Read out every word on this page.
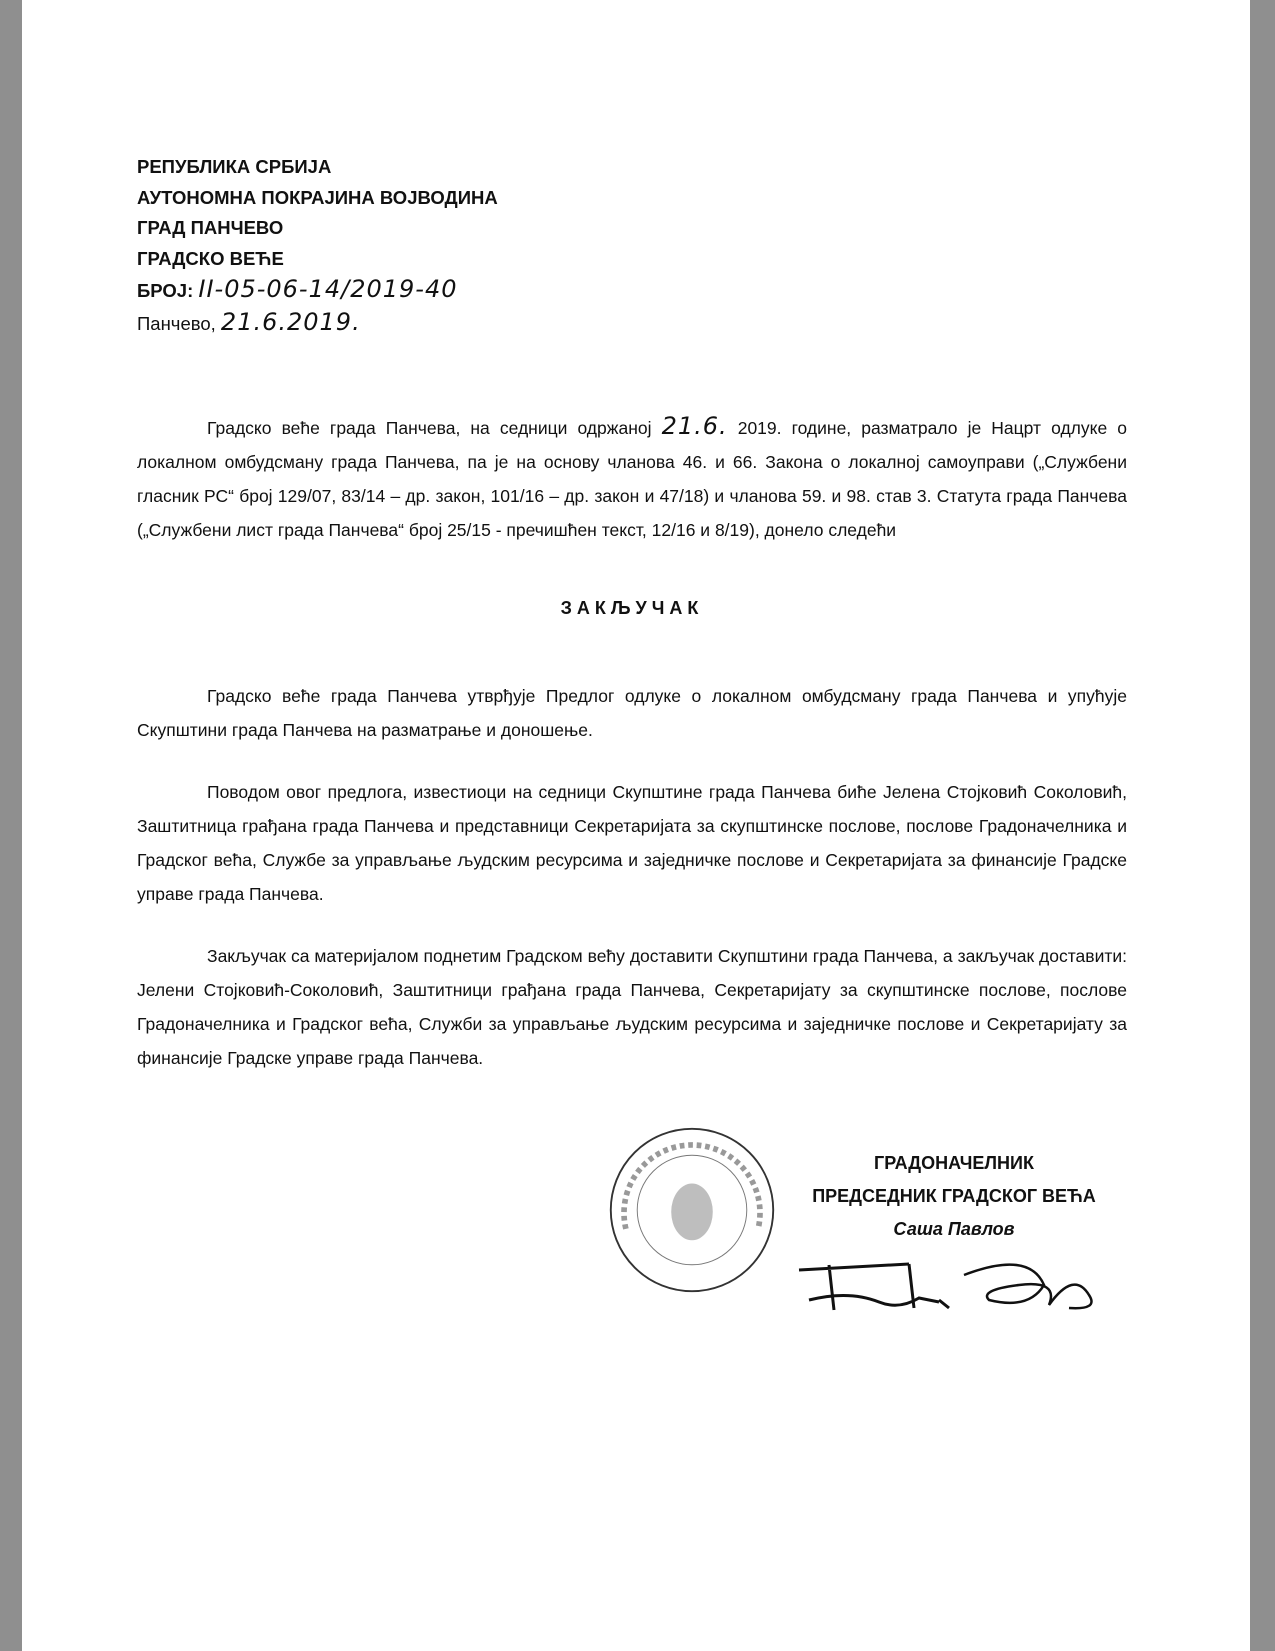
РЕПУБЛИКА СРБИЈА
АУТОНОМНА ПОКРАЈИНА ВОЈВОДИНА
ГРАД ПАНЧЕВО
ГРАДСКО ВЕЋЕ
БРОЈ: II-05-06-14/2019-40
Панчево, 21.6.2019.

Градско веће града Панчева, на седници одржаној 21.6. 2019. године, разматрало је Нацрт одлуке о локалном омбудсману града Панчева, па је на основу чланова 46. и 66. Закона о локалној самоуправи („Службени гласник РС“ број 129/07, 83/14 – др. закон, 101/16 – др. закон и 47/18) и чланова 59. и 98. став 3. Статута града Панчева („Службени лист града Панчева“ број 25/15 - пречишћен текст, 12/16 и 8/19), донело следећи

ЗАКЉУЧАК

Градско веће града Панчева утврђује Предлог одлуке о локалном омбудсману града Панчева и упућује Скупштини града Панчева на разматрање и доношење.

Поводом овог предлога, известиоци на седници Скупштине града Панчева биће Јелена Стојковић Соколовић, Заштитница грађана града Панчева и представници Секретаријата за скупштинске послове, послове Градоначелника и Градског већа, Службе за управљање људским ресурсима и заједничке послове и Секретаријата за финансије Градске управе града Панчева.

Закључак са материјалом поднетим Градском већу доставити Скупштини града Панчева, а закључак доставити: Јелени Стојковић-Соколовић, Заштитници грађана града Панчева, Секретаријату за скупштинске послове, послове Градоначелника и Градског већа, Служби за управљање људским ресурсима и заједничке послове и Секретаријату за финансије Градске управе града Панчева.

ГРАДОНАЧЕЛНИК
ПРЕДСЕДНИК ГРАДСКОГ ВЕЋА
Саша Павлов
